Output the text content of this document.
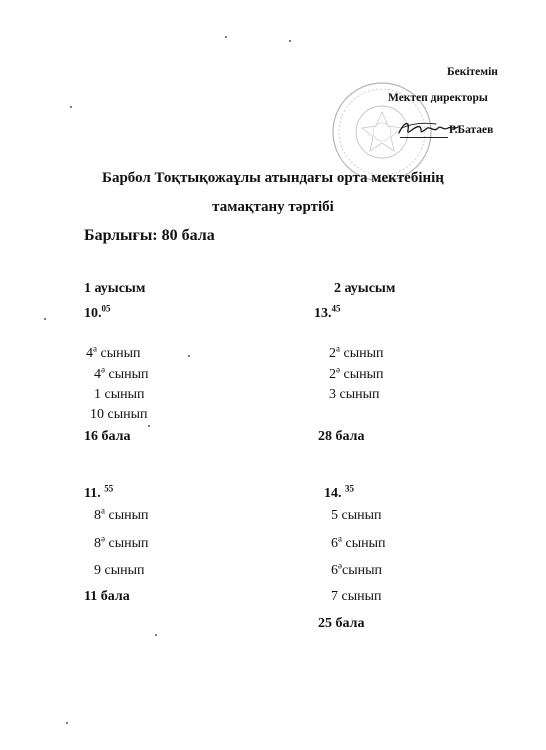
Бекітемін
Мектеп директоры
Р.Батаев
Барбол Тоқтықожаұлы атындағы орта мектебінің
тамақтану тәртібі
Барлығы: 80 бала
1 ауысым	2 ауысым
10.05
$4^а$ сынып
$4^ә$ сынып
1 сынып
10 сынып
16 бала
13.45
$2^а$ сынып
$2^ә$ сынып
3 сынып
28 бала
11. $^{55}$
$8^а$ сынып
$8^ә$ сынып
9 сынып
11 бала
14. $^{35}$
5 сынып
$6^а$ сынып
$6^әсынып$
7 сынып
25 бала
